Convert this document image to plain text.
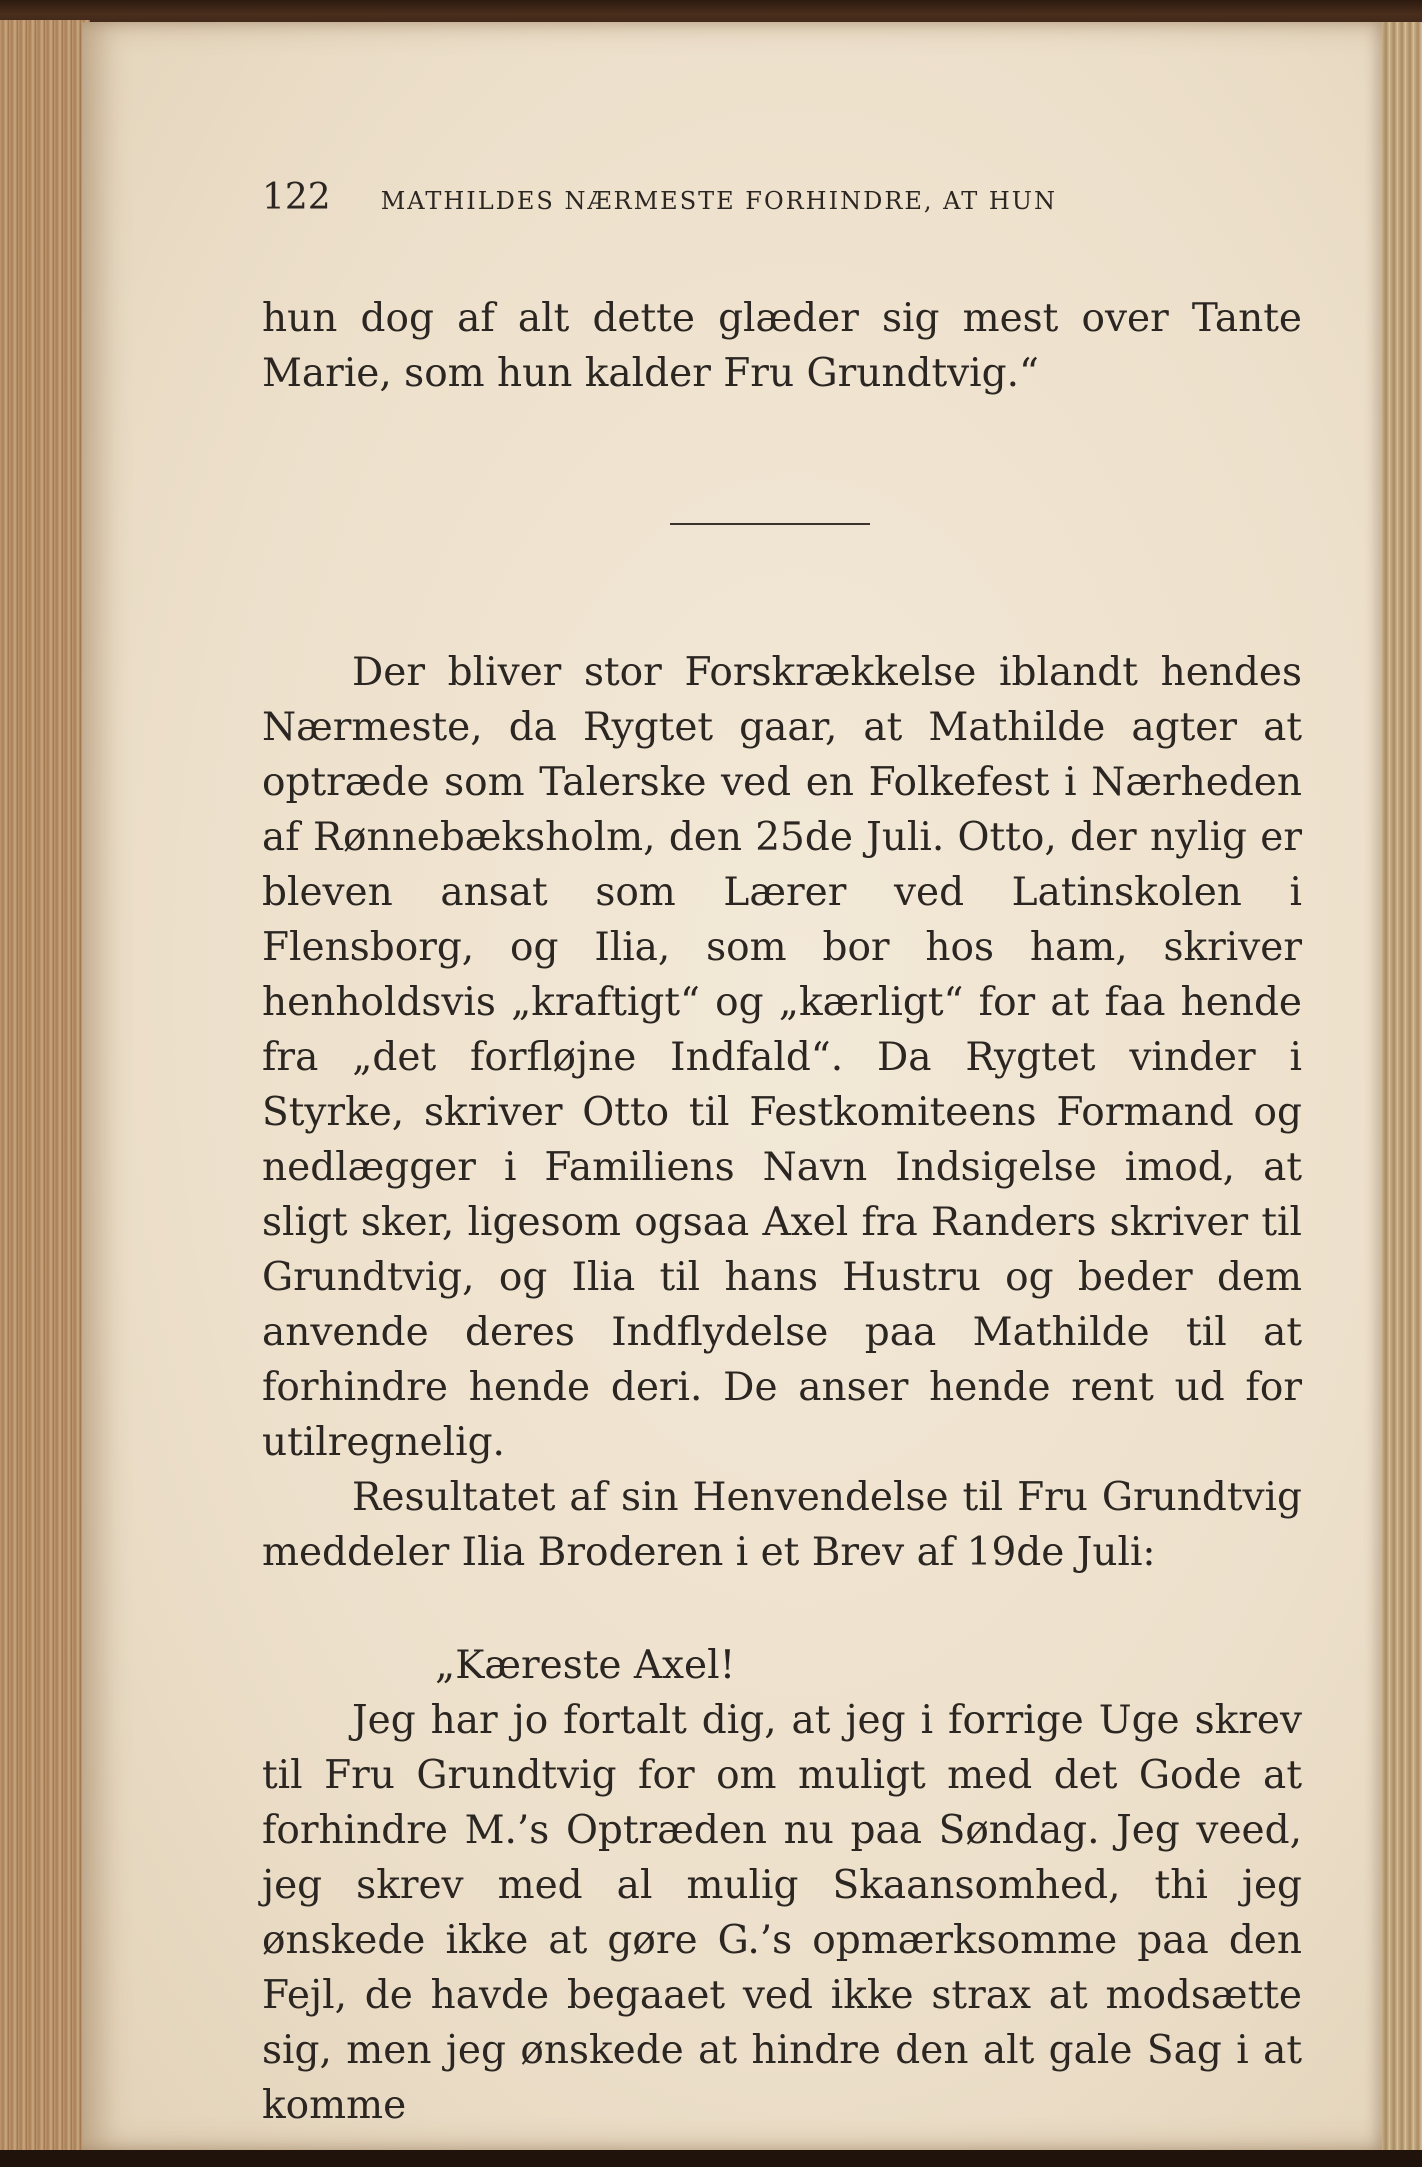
122 MATHILDES NÆRMESTE FORHINDRE, AT HUN

hun dog af alt dette glæder sig mest over Tante Marie, som hun kalder Fru Grundtvig.“

Der bliver stor Forskrækkelse iblandt hendes Nærmeste, da Rygtet gaar, at Mathilde agter at optræde som Talerske ved en Folkefest i Nærheden af Rønnebæksholm, den 25de Juli. Otto, der nylig er bleven ansat som Lærer ved Latinskolen i Flensborg, og Ilia, som bor hos ham, skriver henholdsvis „kraftigt“ og „kærligt“ for at faa hende fra „det forfløjne Indfald“. Da Rygtet vinder i Styrke, skriver Otto til Festkomiteens Formand og nedlægger i Familiens Navn Indsigelse imod, at sligt sker, ligesom ogsaa Axel fra Randers skriver til Grundtvig, og Ilia til hans Hustru og beder dem anvende deres Indflydelse paa Mathilde til at forhindre hende deri. De anser hende rent ud for utilregnelig.

Resultatet af sin Henvendelse til Fru Grundtvig meddeler Ilia Broderen i et Brev af 19de Juli:

„Kæreste Axel!

Jeg har jo fortalt dig, at jeg i forrige Uge skrev til Fru Grundtvig for om muligt med det Gode at forhindre M.’s Optræden nu paa Søndag. Jeg veed, jeg skrev med al mulig Skaansomhed, thi jeg ønskede ikke at gøre G.’s opmærksomme paa den Fejl, de havde begaaet ved ikke strax at modsætte sig, men jeg ønskede at hindre den alt gale Sag i at komme
